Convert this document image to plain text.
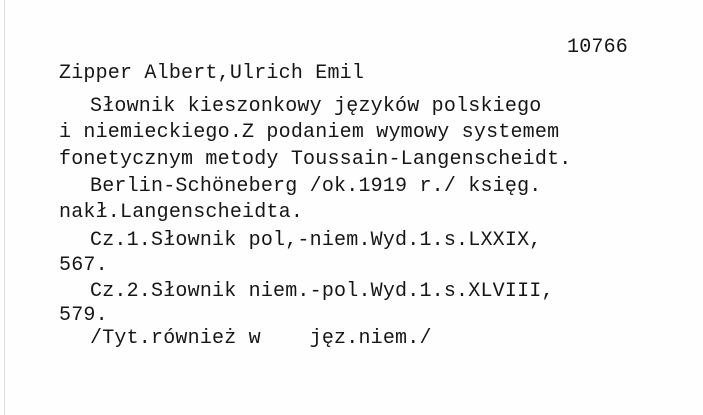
10766

Zipper Albert,Ulrich Emil

Słownik kieszonkowy języków polskiego

i niemieckiego.Z podaniem wymowy systemem

fonetycznym metody Toussain-Langenscheidt.

Berlin-Schöneberg /ok.1919 r./ księg.

nakł.Langenscheidta.

Cz.1.Słownik pol,-niem.Wyd.1.s.LXXIX,

567.

Cz.2.Słownik niem.-pol.Wyd.1.s.XLVIII,

579.

/Tyt.również w    jęz.niem./
